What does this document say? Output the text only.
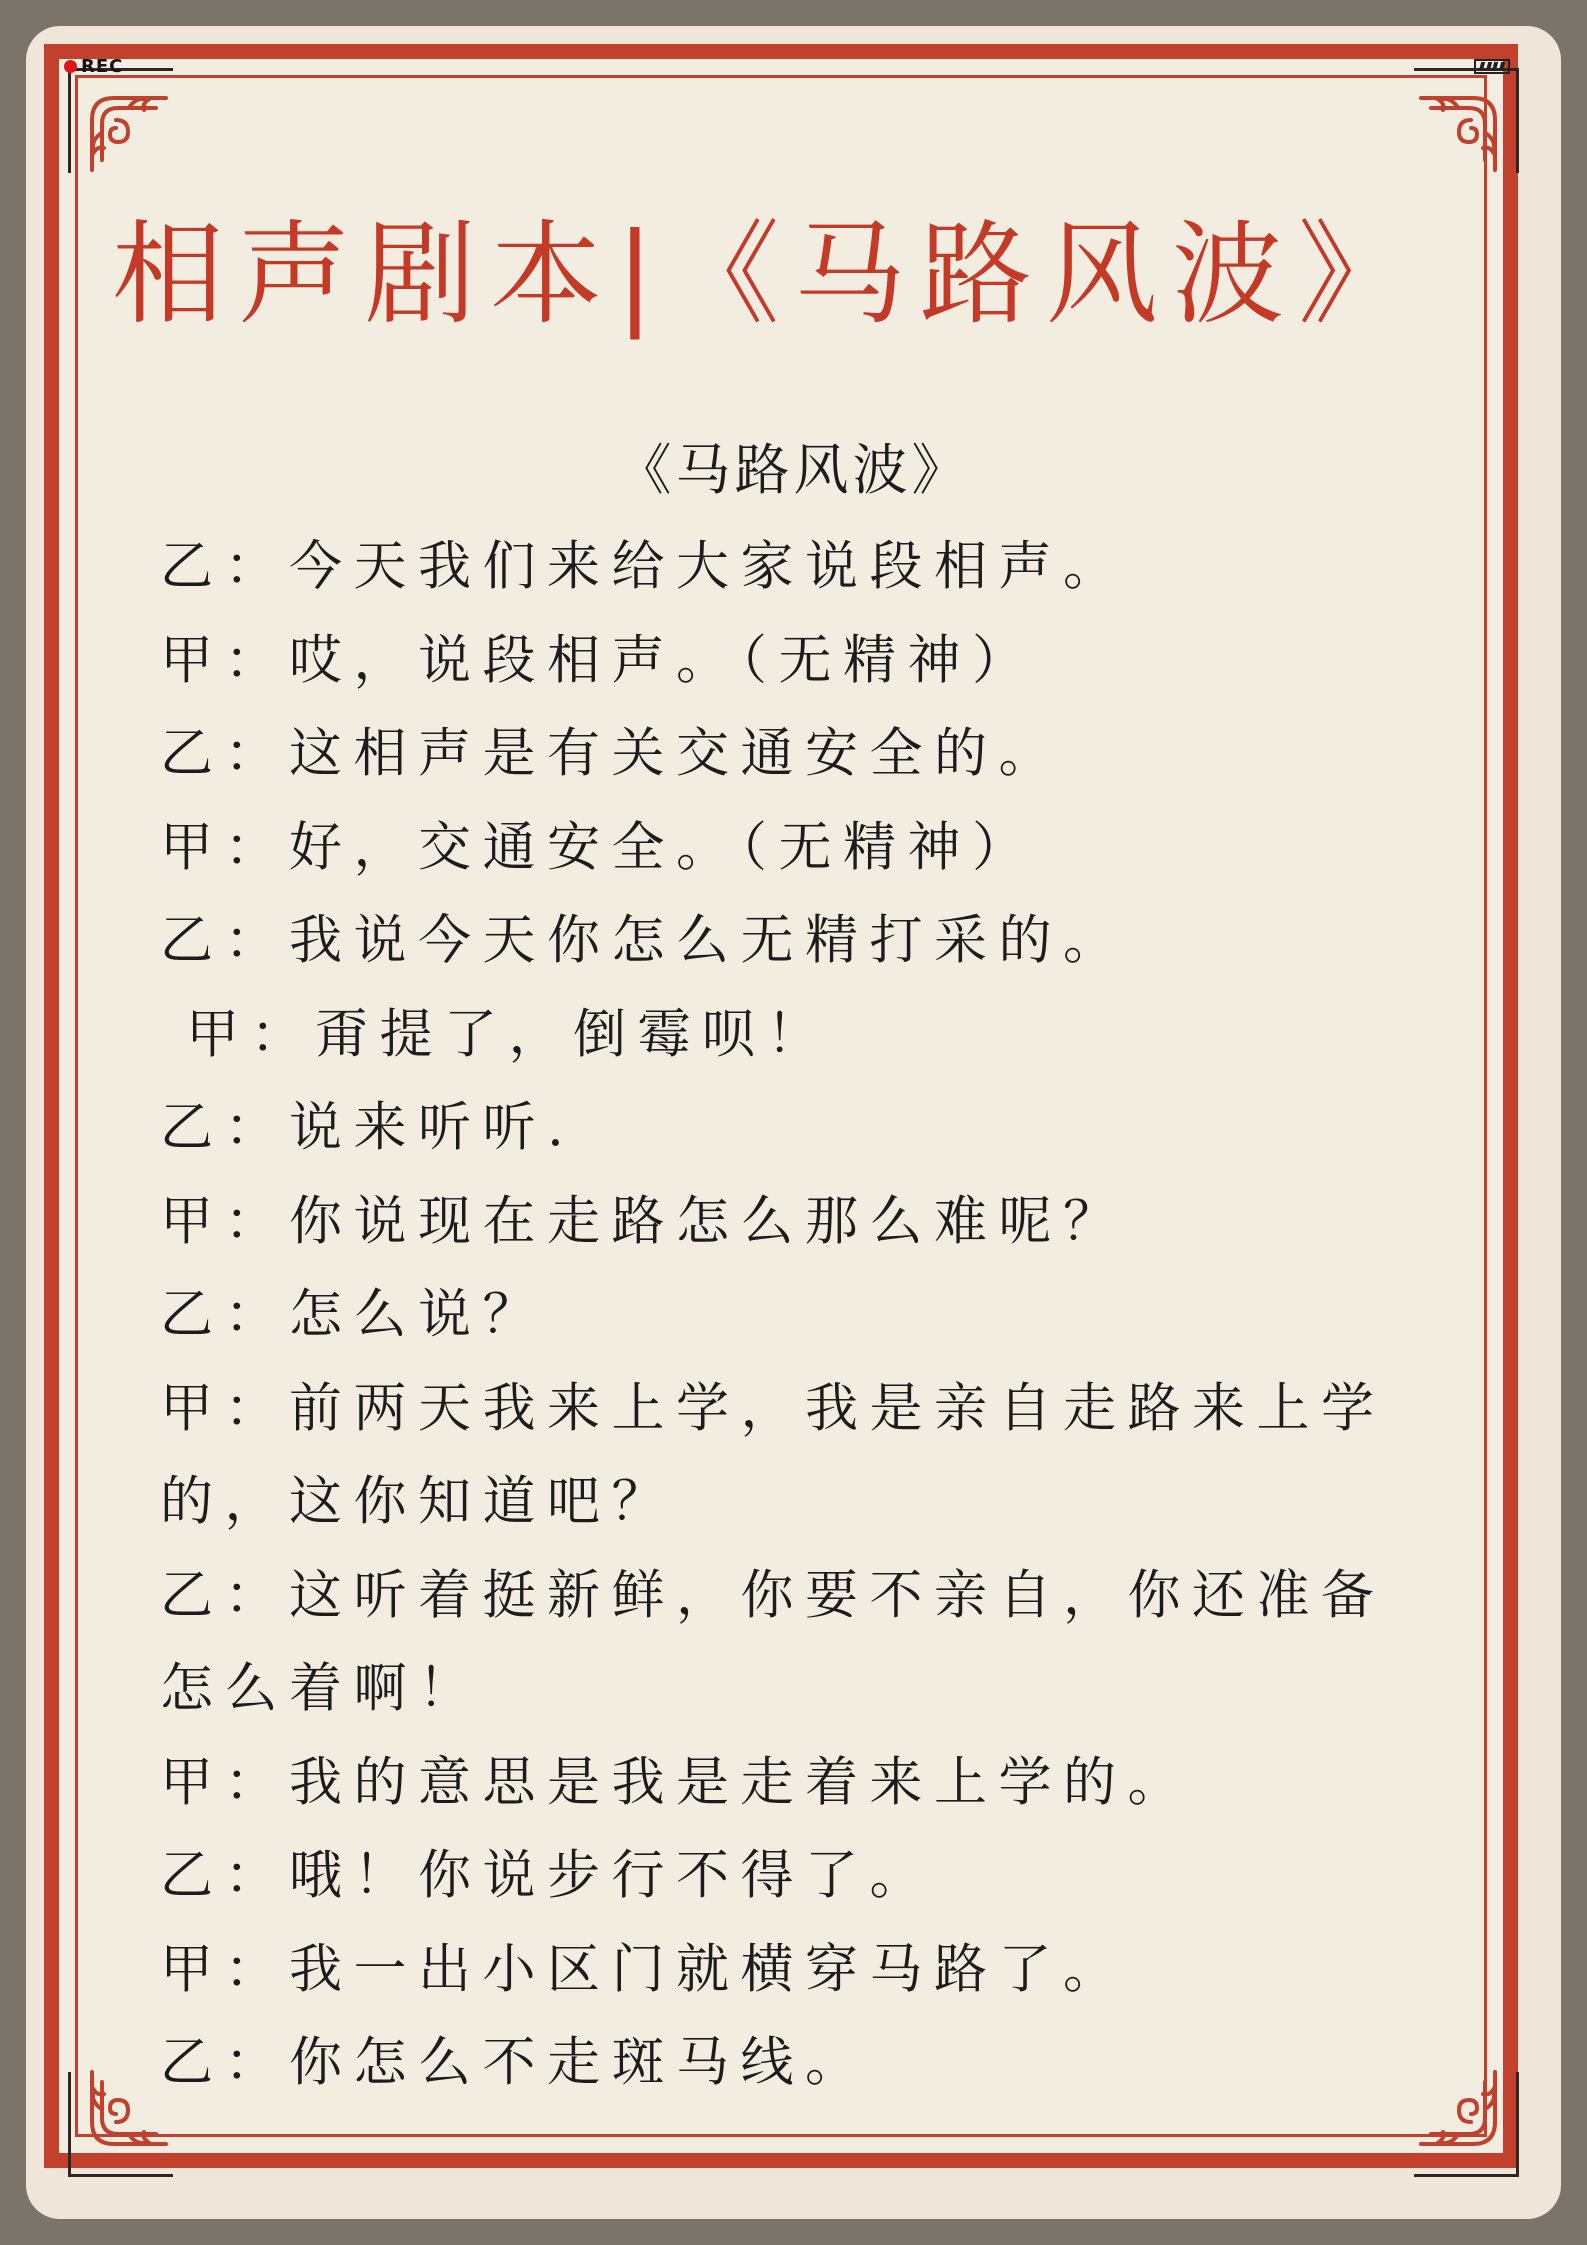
REC
相声剧本|《马路风波》
《马路风波》
乙：今天我们来给大家说段相声。
甲：哎，说段相声。（无精神）
乙：这相声是有关交通安全的。
甲：好，交通安全。（无精神）
乙：我说今天你怎么无精打采的。
甲：甭提了，倒霉呗！
乙：说来听听.
甲：你说现在走路怎么那么难呢？
乙：怎么说？
甲：前两天我来上学，我是亲自走路来上学
的，这你知道吧？
乙：这听着挺新鲜，你要不亲自，你还准备
怎么着啊！
甲：我的意思是我是走着来上学的。
乙：哦！你说步行不得了。
甲：我一出小区门就横穿马路了。
乙：你怎么不走斑马线。
